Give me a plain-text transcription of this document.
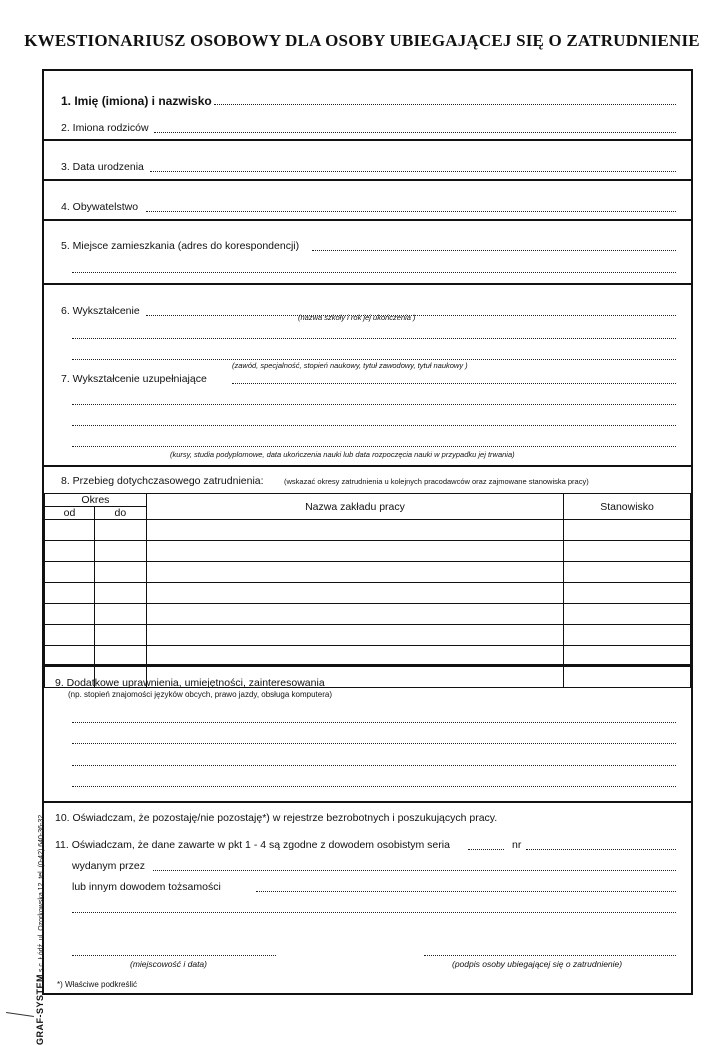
KWESTIONARIUSZ OSOBOWY DLA OSOBY UBIEGAJĄCEJ SIĘ O ZATRUDNIENIE
1. Imię (imiona) i nazwisko
2. Imiona rodziców
3. Data urodzenia
4. Obywatelstwo
5. Miejsce zamieszkania (adres do korespondencji)
6. Wykształcenie
(nazwa szkoły i rok jej ukończenia )
(zawód, specjalność, stopień naukowy, tytuł zawodowy, tytuł naukowy )
7. Wykształcenie uzupełniające
(kursy, studia podyplomowe, data ukończenia nauki lub data rozpoczęcia nauki w przypadku jej trwania)
8. Przebieg dotychczasowego zatrudnienia:	(wskazać okresy zatrudnienia u kolejnych pracodawców oraz zajmowane stanowiska pracy)
Okres		Nazwa zakładu pracy	Stanowisko
od	do		

9. Dodatkowe uprawnienia, umiejętności, zainteresowania
(np. stopień znajomości języków obcych, prawo jazdy, obsługa komputera)
10. Oświadczam, że pozostaję/nie pozostaję*) w rejestrze bezrobotnych i poszukujących pracy.
11. Oświadczam, że dane zawarte w pkt 1 - 4 są zgodne z dowodem osobistym seria	nr
wydanym przez
lub innym dowodem tożsamości
(miejscowość i data)	(podpis osoby ubiegającej się o zatrudnienie)
*) Właściwe podkreślić
GRAF-SYSTEM s.c. Łódź, ul. Ozorkowska 12, tel. (0-42) 640-36-32
